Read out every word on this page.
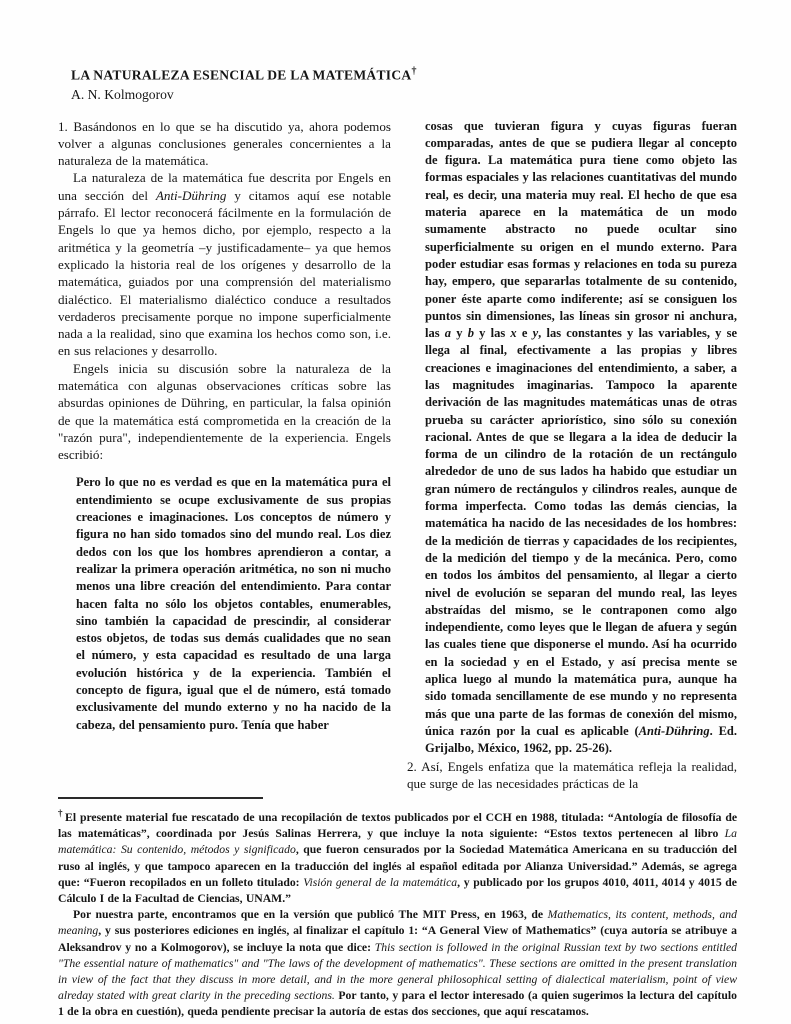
LA NATURALEZA ESENCIAL DE LA MATEMÁTICA†
A. N. Kolmogorov

1. Basándonos en lo que se ha discutido ya, ahora podemos volver a algunas conclusiones generales concernientes a la naturaleza de la matemática.

La naturaleza de la matemática fue descrita por Engels en una sección del Anti-Dühring y citamos aquí ese notable párrafo. El lector reconocerá fácilmente en la formulación de Engels lo que ya hemos dicho, por ejemplo, respecto a la aritmética y la geometría –y justificadamente– ya que hemos explicado la historia real de los orígenes y desarrollo de la matemática, guiados por una comprensión del materialismo dialéctico. El materialismo dialéctico conduce a resultados verdaderos precisamente porque no impone superficialmente nada a la realidad, sino que examina los hechos como son, i.e. en sus relaciones y desarrollo.

Engels inicia su discusión sobre la naturaleza de la matemática con algunas observaciones críticas sobre las absurdas opiniones de Dühring, en particular, la falsa opinión de que la matemática está comprometida en la creación de la "razón pura", independientemente de la experiencia. Engels escribió:

Pero lo que no es verdad es que en la matemática pura el entendimiento se ocupe exclusivamente de sus propias creaciones e imaginaciones. Los conceptos de número y figura no han sido tomados sino del mundo real. Los diez dedos con los que los hombres aprendieron a contar, a realizar la primera operación aritmética, no son ni mucho menos una libre creación del entendimiento. Para contar hacen falta no sólo los objetos contables, enumerables, sino también la capacidad de prescindir, al considerar estos objetos, de todas sus demás cualidades que no sean el número, y esta capacidad es resultado de una larga evolución histórica y de la experiencia. También el concepto de figura, igual que el de número, está tomado exclusivamente del mundo externo y no ha nacido de la cabeza, del pensamiento puro. Tenía que haber

cosas que tuvieran figura y cuyas figuras fueran comparadas, antes de que se pudiera llegar al concepto de figura. La matemática pura tiene como objeto las formas espaciales y las relaciones cuantitativas del mundo real, es decir, una materia muy real. El hecho de que esa materia aparece en la matemática de un modo sumamente abstracto no puede ocultar sino superficialmente su origen en el mundo externo. Para poder estudiar esas formas y relaciones en toda su pureza hay, empero, que separarlas totalmente de su contenido, poner éste aparte como indiferente; así se consiguen los puntos sin dimensiones, las líneas sin grosor ni anchura, las a y b y las x e y, las constantes y las variables, y se llega al final, efectivamente a las propias y libres creaciones e imaginaciones del entendimiento, a saber, a las magnitudes imaginarias. Tampoco la aparente derivación de las magnitudes matemáticas unas de otras prueba su carácter apriorístico, sino sólo su conexión racional. Antes de que se llegara a la idea de deducir la forma de un cilindro de la rotación de un rectángulo alrededor de uno de sus lados ha habido que estudiar un gran número de rectángulos y cilindros reales, aunque de forma imperfecta. Como todas las demás ciencias, la matemática ha nacido de las necesidades de los hombres: de la medición de tierras y capacidades de los recipientes, de la medición del tiempo y de la mecánica. Pero, como en todos los ámbitos del pensamiento, al llegar a cierto nivel de evolución se separan del mundo real, las leyes abstraídas del mismo, se le contraponen como algo independiente, como leyes que le llegan de afuera y según las cuales tiene que disponerse el mundo. Así ha ocurrido en la sociedad y en el Estado, y así precisa mente se aplica luego al mundo la matemática pura, aunque ha sido tomada sencillamente de ese mundo y no representa más que una parte de las formas de conexión del mismo, única razón por la cual es aplicable (Anti-Dühring. Ed. Grijalbo, México, 1962, pp. 25-26).

2. Así, Engels enfatiza que la matemática refleja la realidad, que surge de las necesidades prácticas de la

† El presente material fue rescatado de una recopilación de textos publicados por el CCH en 1988, titulada: “Antología de filosofía de las matemáticas”, coordinada por Jesús Salinas Herrera, y que incluye la nota siguiente: “Estos textos pertenecen al libro La matemática: Su contenido, métodos y significado, que fueron censurados por la Sociedad Matemática Americana en su traducción del ruso al inglés, y que tampoco aparecen en la traducción del inglés al español editada por Alianza Universidad.” Además, se agrega que: “Fueron recopilados en un folleto titulado: Visión general de la matemática, y publicado por los grupos 4010, 4011, 4014 y 4015 de Cálculo I de la Facultad de Ciencias, UNAM.”

Por nuestra parte, encontramos que en la versión que publicó The MIT Press, en 1963, de Mathematics, its content, methods, and meaning, y sus posteriores ediciones en inglés, al finalizar el capítulo 1: “A General View of Mathematics” (cuya autoría se atribuye a Aleksandrov y no a Kolmogorov), se incluye la nota que dice: This section is followed in the original Russian text by two sections entitled "The essential nature of mathematics" and "The laws of the development of mathematics". These sections are omitted in the present translation in view of the fact that they discuss in more detail, and in the more general philosophical setting of dialectical materialism, point of view alreday stated with great clarity in the preceding sections. Por tanto, y para el lector interesado (a quien sugerimos la lectura del capítulo 1 de la obra en cuestión), queda pendiente precisar la autoría de estas dos secciones, que aquí rescatamos.
